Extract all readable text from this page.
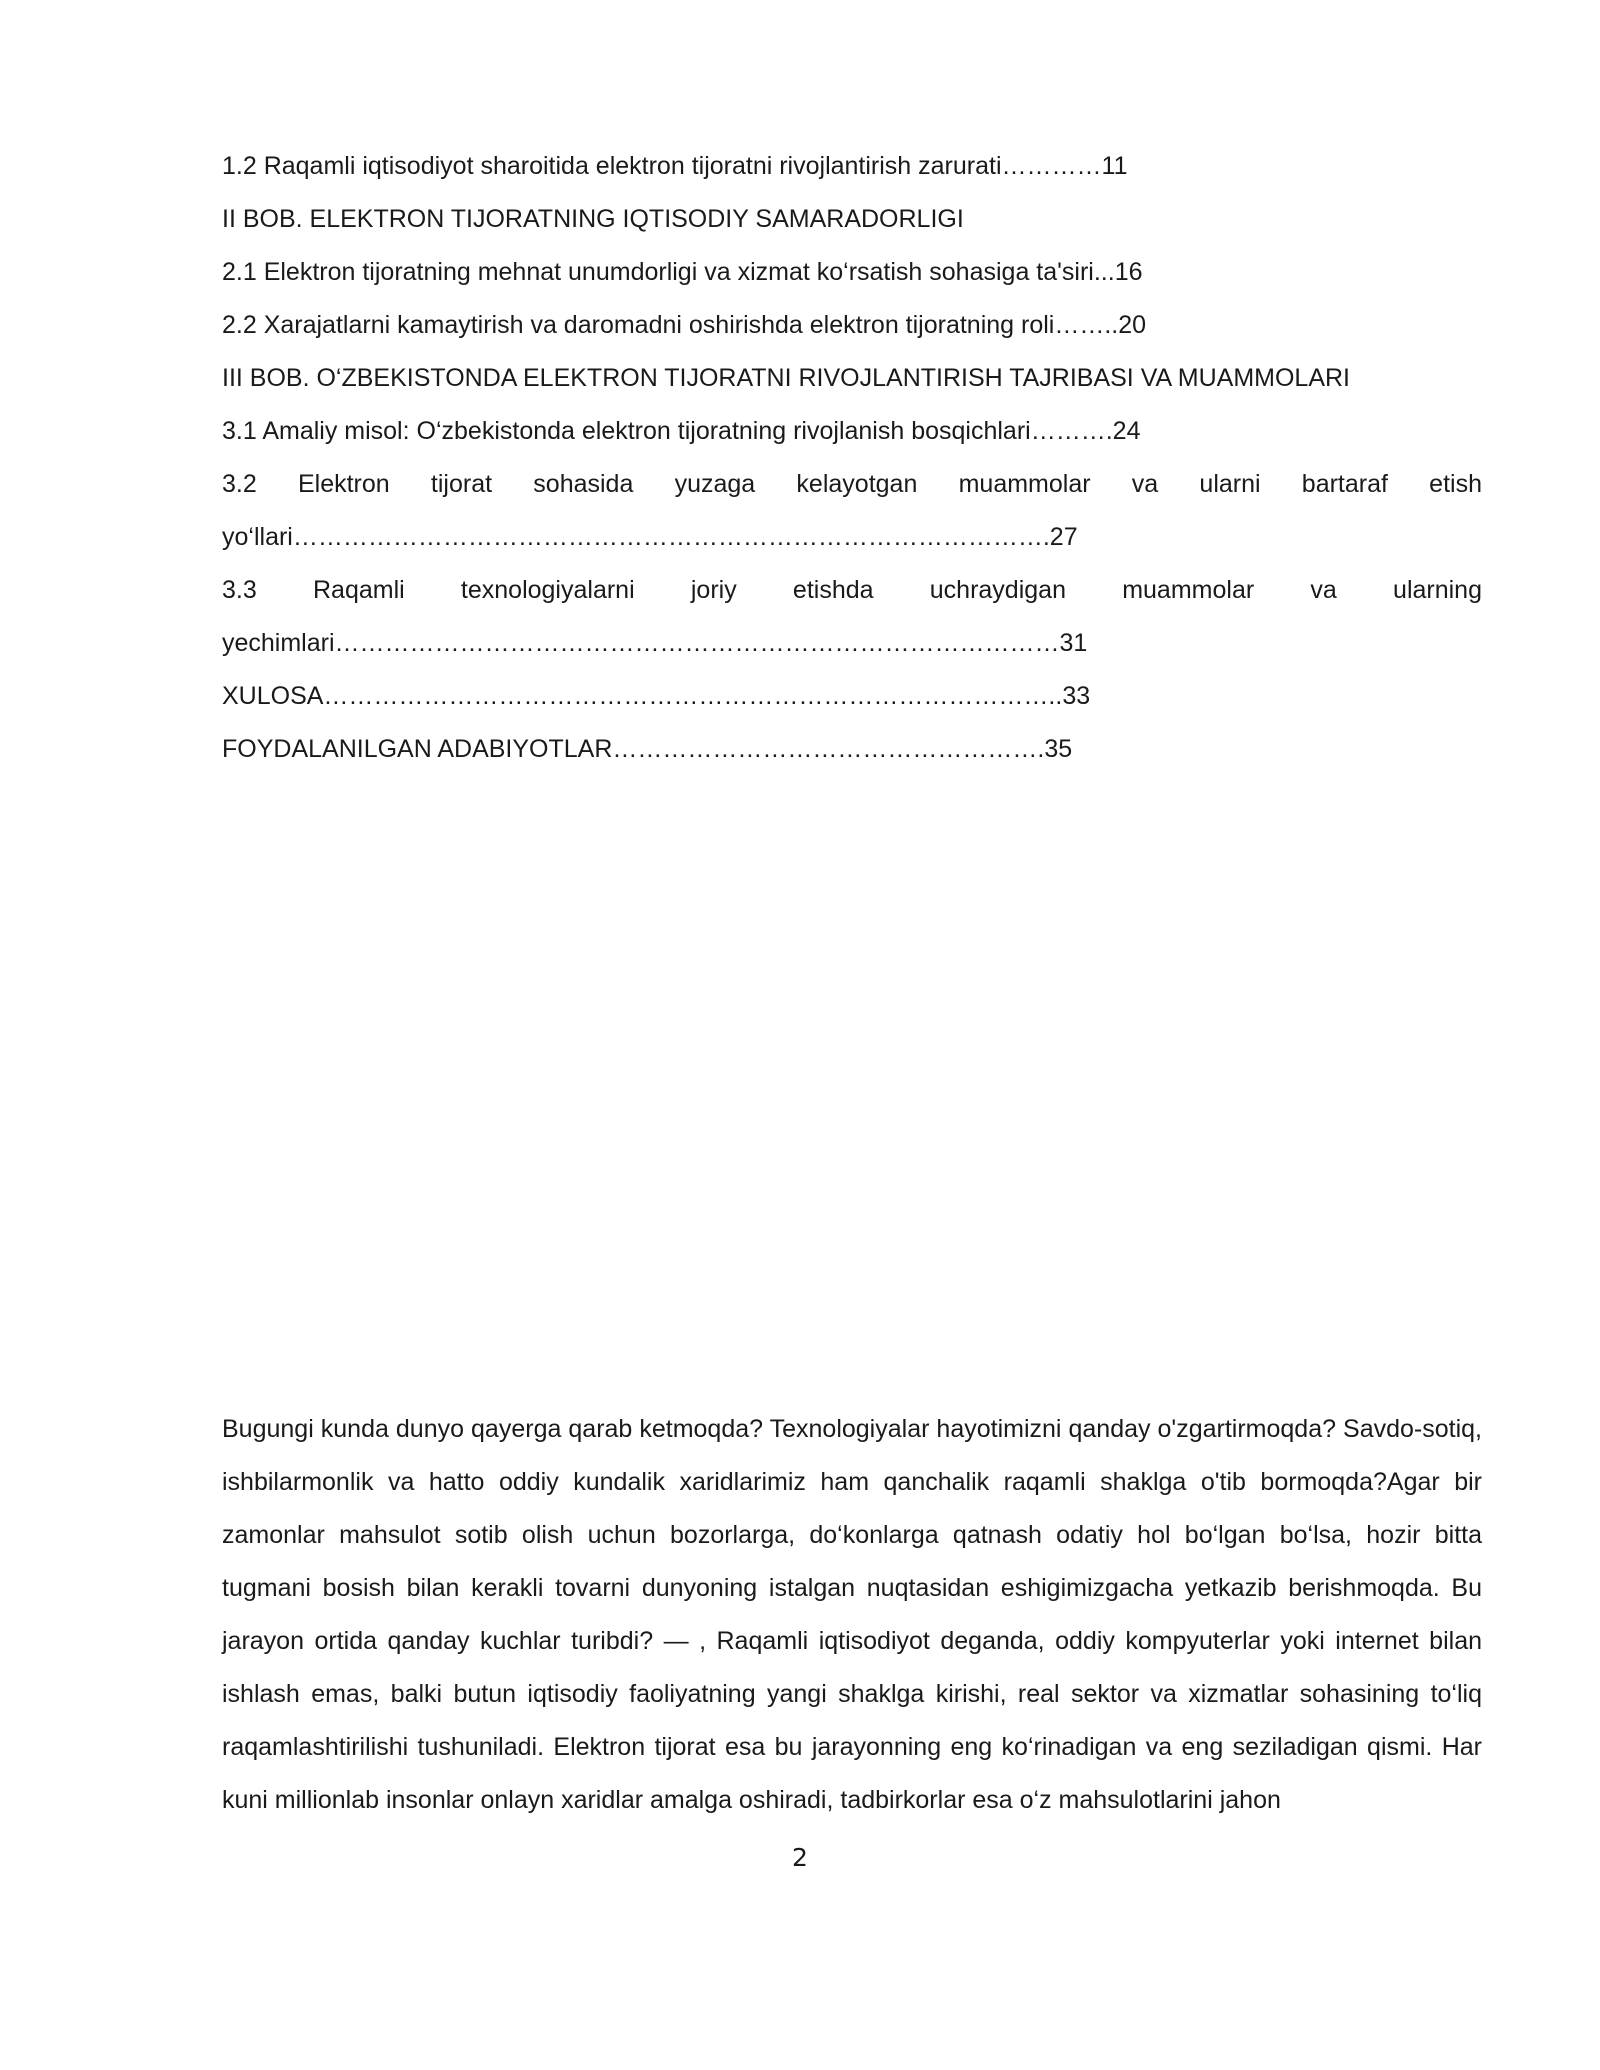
1.2 Raqamli iqtisodiyot sharoitida elektron tijoratni rivojlantirish zarurati…………11

II BOB. ELEKTRON TIJORATNING IQTISODIY SAMARADORLIGI

2.1 Elektron tijoratning mehnat unumdorligi va xizmat ko‘rsatish sohasiga ta'siri...16

2.2 Xarajatlarni kamaytirish va daromadni oshirishda elektron tijoratning roli……..20

III BOB. O‘ZBEKISTONDA ELEKTRON TIJORATNI RIVOJLANTIRISH TAJRIBASI VA MUAMMOLARI

3.1 Amaliy misol: O‘zbekistonda elektron tijoratning rivojlanish bosqichlari……….24

3.2 Elektron tijorat sohasida yuzaga kelayotgan muammolar va ularni bartaraf etish yo‘llari……………………………………………………………………………….27

3.3 Raqamli texnologiyalarni joriy etishda uchraydigan muammolar va ularning yechimlari……………………………………………………………………………31

XULOSA……………………………………………………………………………..33

FOYDALANILGAN ADABIYOTLAR…………………………………………….35

Bugungi kunda dunyo qayerga qarab ketmoqda? Texnologiyalar hayotimizni qanday o'zgartirmoqda? Savdo-sotiq, ishbilarmonlik va hatto oddiy kundalik xaridlarimiz ham qanchalik raqamli shaklga o'tib bormoqda?Agar bir zamonlar mahsulot sotib olish uchun bozorlarga, do‘konlarga qatnash odatiy hol bo‘lgan bo‘lsa, hozir bitta tugmani bosish bilan kerakli tovarni dunyoning istalgan nuqtasidan eshigimizgacha yetkazib berishmoqda. Bu jarayon ortida qanday kuchlar turibdi? — , Raqamli iqtisodiyot deganda, oddiy kompyuterlar yoki internet bilan ishlash emas, balki butun iqtisodiy faoliyatning yangi shaklga kirishi, real sektor va xizmatlar sohasining to‘liq raqamlashtirilishi tushuniladi. Elektron tijorat esa bu jarayonning eng ko‘rinadigan va eng seziladigan qismi. Har kuni millionlab insonlar onlayn xaridlar amalga oshiradi, tadbirkorlar esa o‘z mahsulotlarini jahon

2
